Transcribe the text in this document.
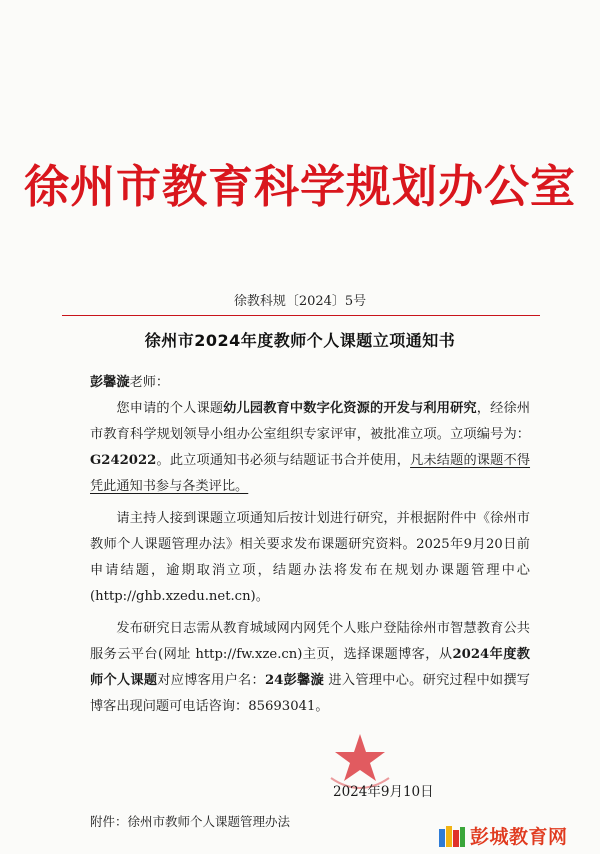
徐州市教育科学规划办公室
徐教科规〔2024〕5号
徐州市2024年度教师个人课题立项通知书

彭馨漩老师：

您申请的个人课题幼儿园教育中数字化资源的开发与利用研究，经徐州市教育科学规划领导小组办公室组织专家评审，被批准立项。立项编号为：G242022。此立项通知书必须与结题证书合并使用，凡未结题的课题不得凭此通知书参与各类评比。

请主持人接到课题立项通知后按计划进行研究，并根据附件中《徐州市教师个人课题管理办法》相关要求发布课题研究资料。2025年9月20日前申请结题，逾期取消立项，结题办法将发布在规划办课题管理中心(http://ghb.xzedu.net.cn)。

发布研究日志需从教育城域网内网凭个人账户登陆徐州市智慧教育公共服务云平台(网址 http://fw.xze.cn)主页，选择课题博客，从2024年度教师个人课题对应博客用户名：24彭馨漩 进入管理中心。研究过程中如撰写博客出现问题可电话咨询：85693041。

2024年9月10日
附件：徐州市教师个人课题管理办法
彭城教育网
